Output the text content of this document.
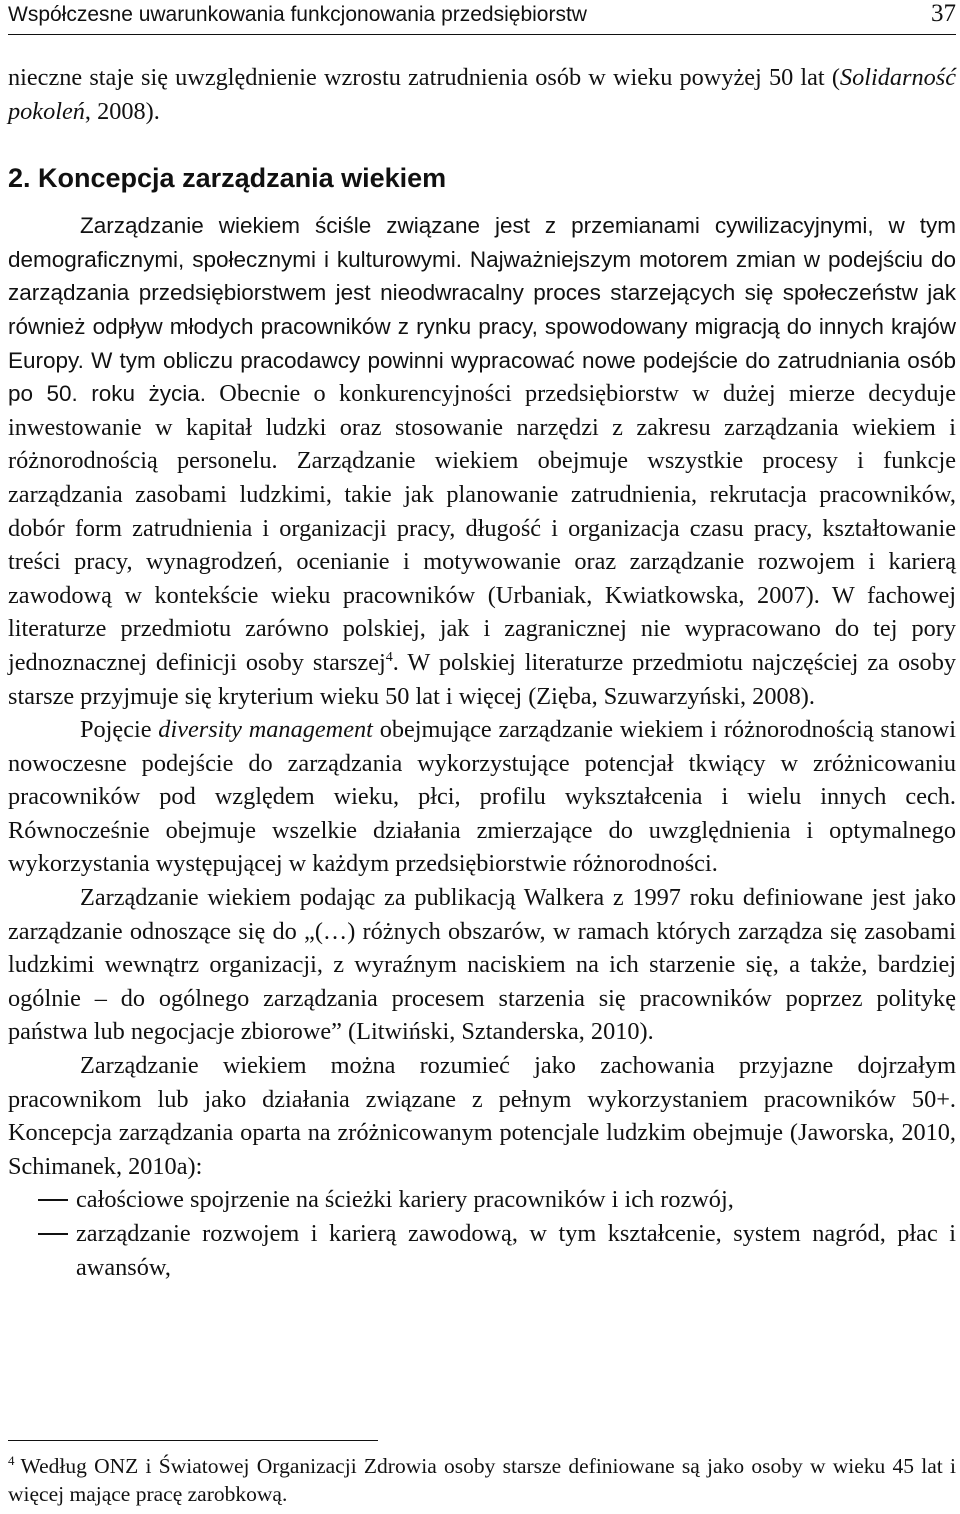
Współczesne uwarunkowania funkcjonowania przedsiębiorstw	37

nieczne staje się uwzględnienie wzrostu zatrudnienia osób w wieku powyżej 50 lat (Solidarność pokoleń, 2008).

2. Koncepcja zarządzania wiekiem

Zarządzanie wiekiem ściśle związane jest z przemianami cywilizacyjnymi, w tym demograficznymi, społecznymi i kulturowymi. Najważniejszym motorem zmian w podejściu do zarządzania przedsiębiorstwem jest nieodwracalny proces starzejących się społeczeństw jak również odpływ młodych pracowników z rynku pracy, spowodowany migracją do innych krajów Europy. W tym obliczu pracodawcy powinni wypracować nowe podejście do zatrudniania osób po 50. roku życia. Obecnie o konkurencyjności przedsiębiorstw w dużej mierze decyduje inwestowanie w kapitał ludzki oraz stosowanie narzędzi z zakresu zarządzania wiekiem i różnorodnością personelu. Zarządzanie wiekiem obejmuje wszystkie procesy i funkcje zarządzania zasobami ludzkimi, takie jak planowanie zatrudnienia, rekrutacja pracowników, dobór form zatrudnienia i organizacji pracy, długość i organizacja czasu pracy, kształtowanie treści pracy, wynagrodzeń, ocenianie i motywowanie oraz zarządzanie rozwojem i karierą zawodową w kontekście wieku pracowników (Urbaniak, Kwiatkowska, 2007). W fachowej literaturze przedmiotu zarówno polskiej, jak i zagranicznej nie wypracowano do tej pory jednoznacznej definicji osoby starszej$^4$. W polskiej literaturze przedmiotu najczęściej za osoby starsze przyjmuje się kryterium wieku 50 lat i więcej (Zięba, Szuwarzyński, 2008).

Pojęcie diversity management obejmujące zarządzanie wiekiem i różnorodnością stanowi nowoczesne podejście do zarządzania wykorzystujące potencjał tkwiący w zróżnicowaniu pracowników pod względem wieku, płci, profilu wykształcenia i wielu innych cech. Równocześnie obejmuje wszelkie działania zmierzające do uwzględnienia i optymalnego wykorzystania występującej w każdym przedsiębiorstwie różnorodności.

Zarządzanie wiekiem podając za publikacją Walkera z 1997 roku definiowane jest jako zarządzanie odnoszące się do „(…) różnych obszarów, w ramach których zarządza się zasobami ludzkimi wewnątrz organizacji, z wyraźnym naciskiem na ich starzenie się, a także, bardziej ogólnie – do ogólnego zarządzania procesem starzenia się pracowników poprzez politykę państwa lub negocjacje zbiorowe” (Litwiński, Sztanderska, 2010).

Zarządzanie wiekiem można rozumieć jako zachowania przyjazne dojrzałym pracownikom lub jako działania związane z pełnym wykorzystaniem pracowników 50+. Koncepcja zarządzania oparta na zróżnicowanym potencjale ludzkim obejmuje (Jaworska, 2010, Schimanek, 2010a):

całościowe spojrzenie na ścieżki kariery pracowników i ich rozwój,
zarządzanie rozwojem i karierą zawodową, w tym kształcenie, system nagród, płac i awansów,
$^4$ Według ONZ i Światowej Organizacji Zdrowia osoby starsze definiowane są jako osoby w wieku 45 lat i więcej mające pracę zarobkową.
